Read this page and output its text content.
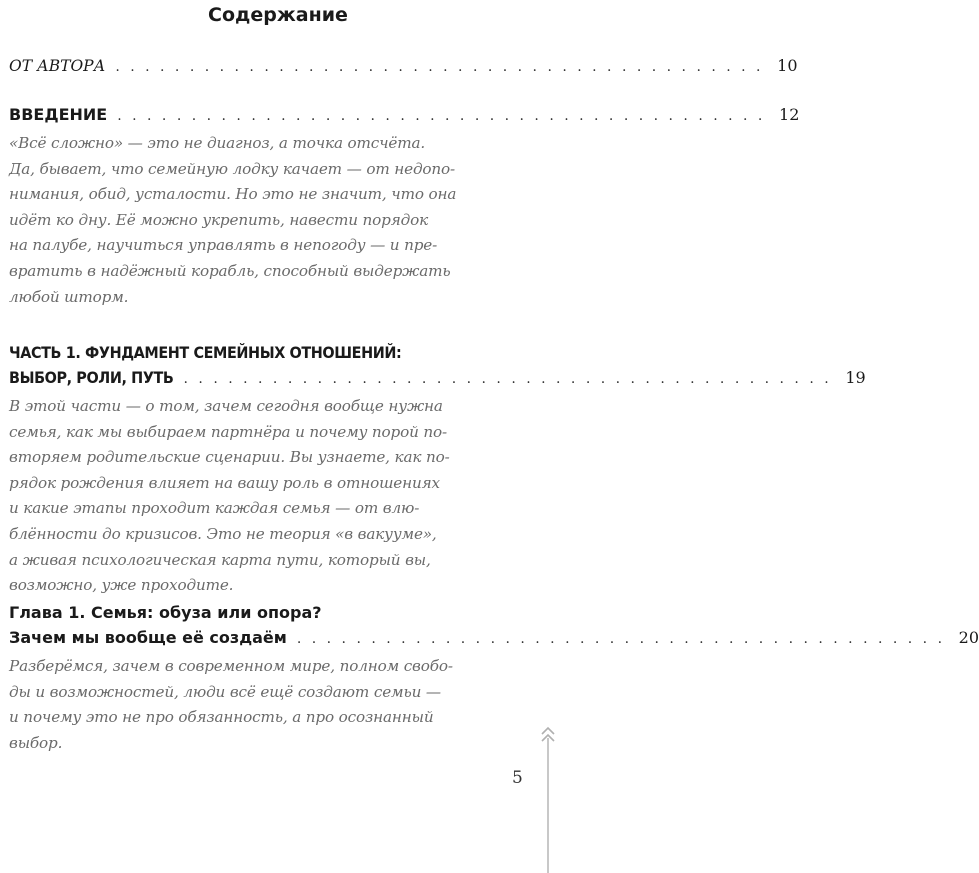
Содержание
ОТ АВТОРА . . . . . . . . . . . . . . . . . . . . . . . . . . . . . . . . . . . . . . . . . . . . 10
ВВЕДЕНИЕ . . . . . . . . . . . . . . . . . . . . . . . . . . . . . . . . . . . . . . . . . . . . 12
«Всё сложно» — это не диагноз, а точка отсчёта.
Да, бывает, что семейную лодку качает — от недопо-
нимания, обид, усталости. Но это не значит, что она
идёт ко дну. Её можно укрепить, навести порядок
на палубе, научиться управлять в непогоду — и пре-
вратить в надёжный корабль, способный выдержать
любой шторм.
ЧАСТЬ 1. ФУНДАМЕНТ СЕМЕЙНЫХ ОТНОШЕНИЙ:
ВЫБОР, РОЛИ, ПУТЬ . . . . . . . . . . . . . . . . . . . . . . . . . . . . . . . . . . . . . . . . . . . . 19
В этой части — о том, зачем сегодня вообще нужна
семья, как мы выбираем партнёра и почему порой по-
вторяем родительские сценарии. Вы узнаете, как по-
рядок рождения влияет на вашу роль в отношениях
и какие этапы проходит каждая семья — от влю-
блённости до кризисов. Это не теория «в вакууме»,
а живая психологическая карта пути, который вы,
возможно, уже проходите.
Глава 1. Семья: обуза или опора?
Зачем мы вообще её создаём . . . . . . . . . . . . . . . . . . . . . . . . . . . . . . . . . . . . . . . . . . . . 20
Разберёмся, зачем в современном мире, полном свобо-
ды и возможностей, люди всё ещё создают семьи —
и почему это не про обязанность, а про осознанный
выбор.
5
